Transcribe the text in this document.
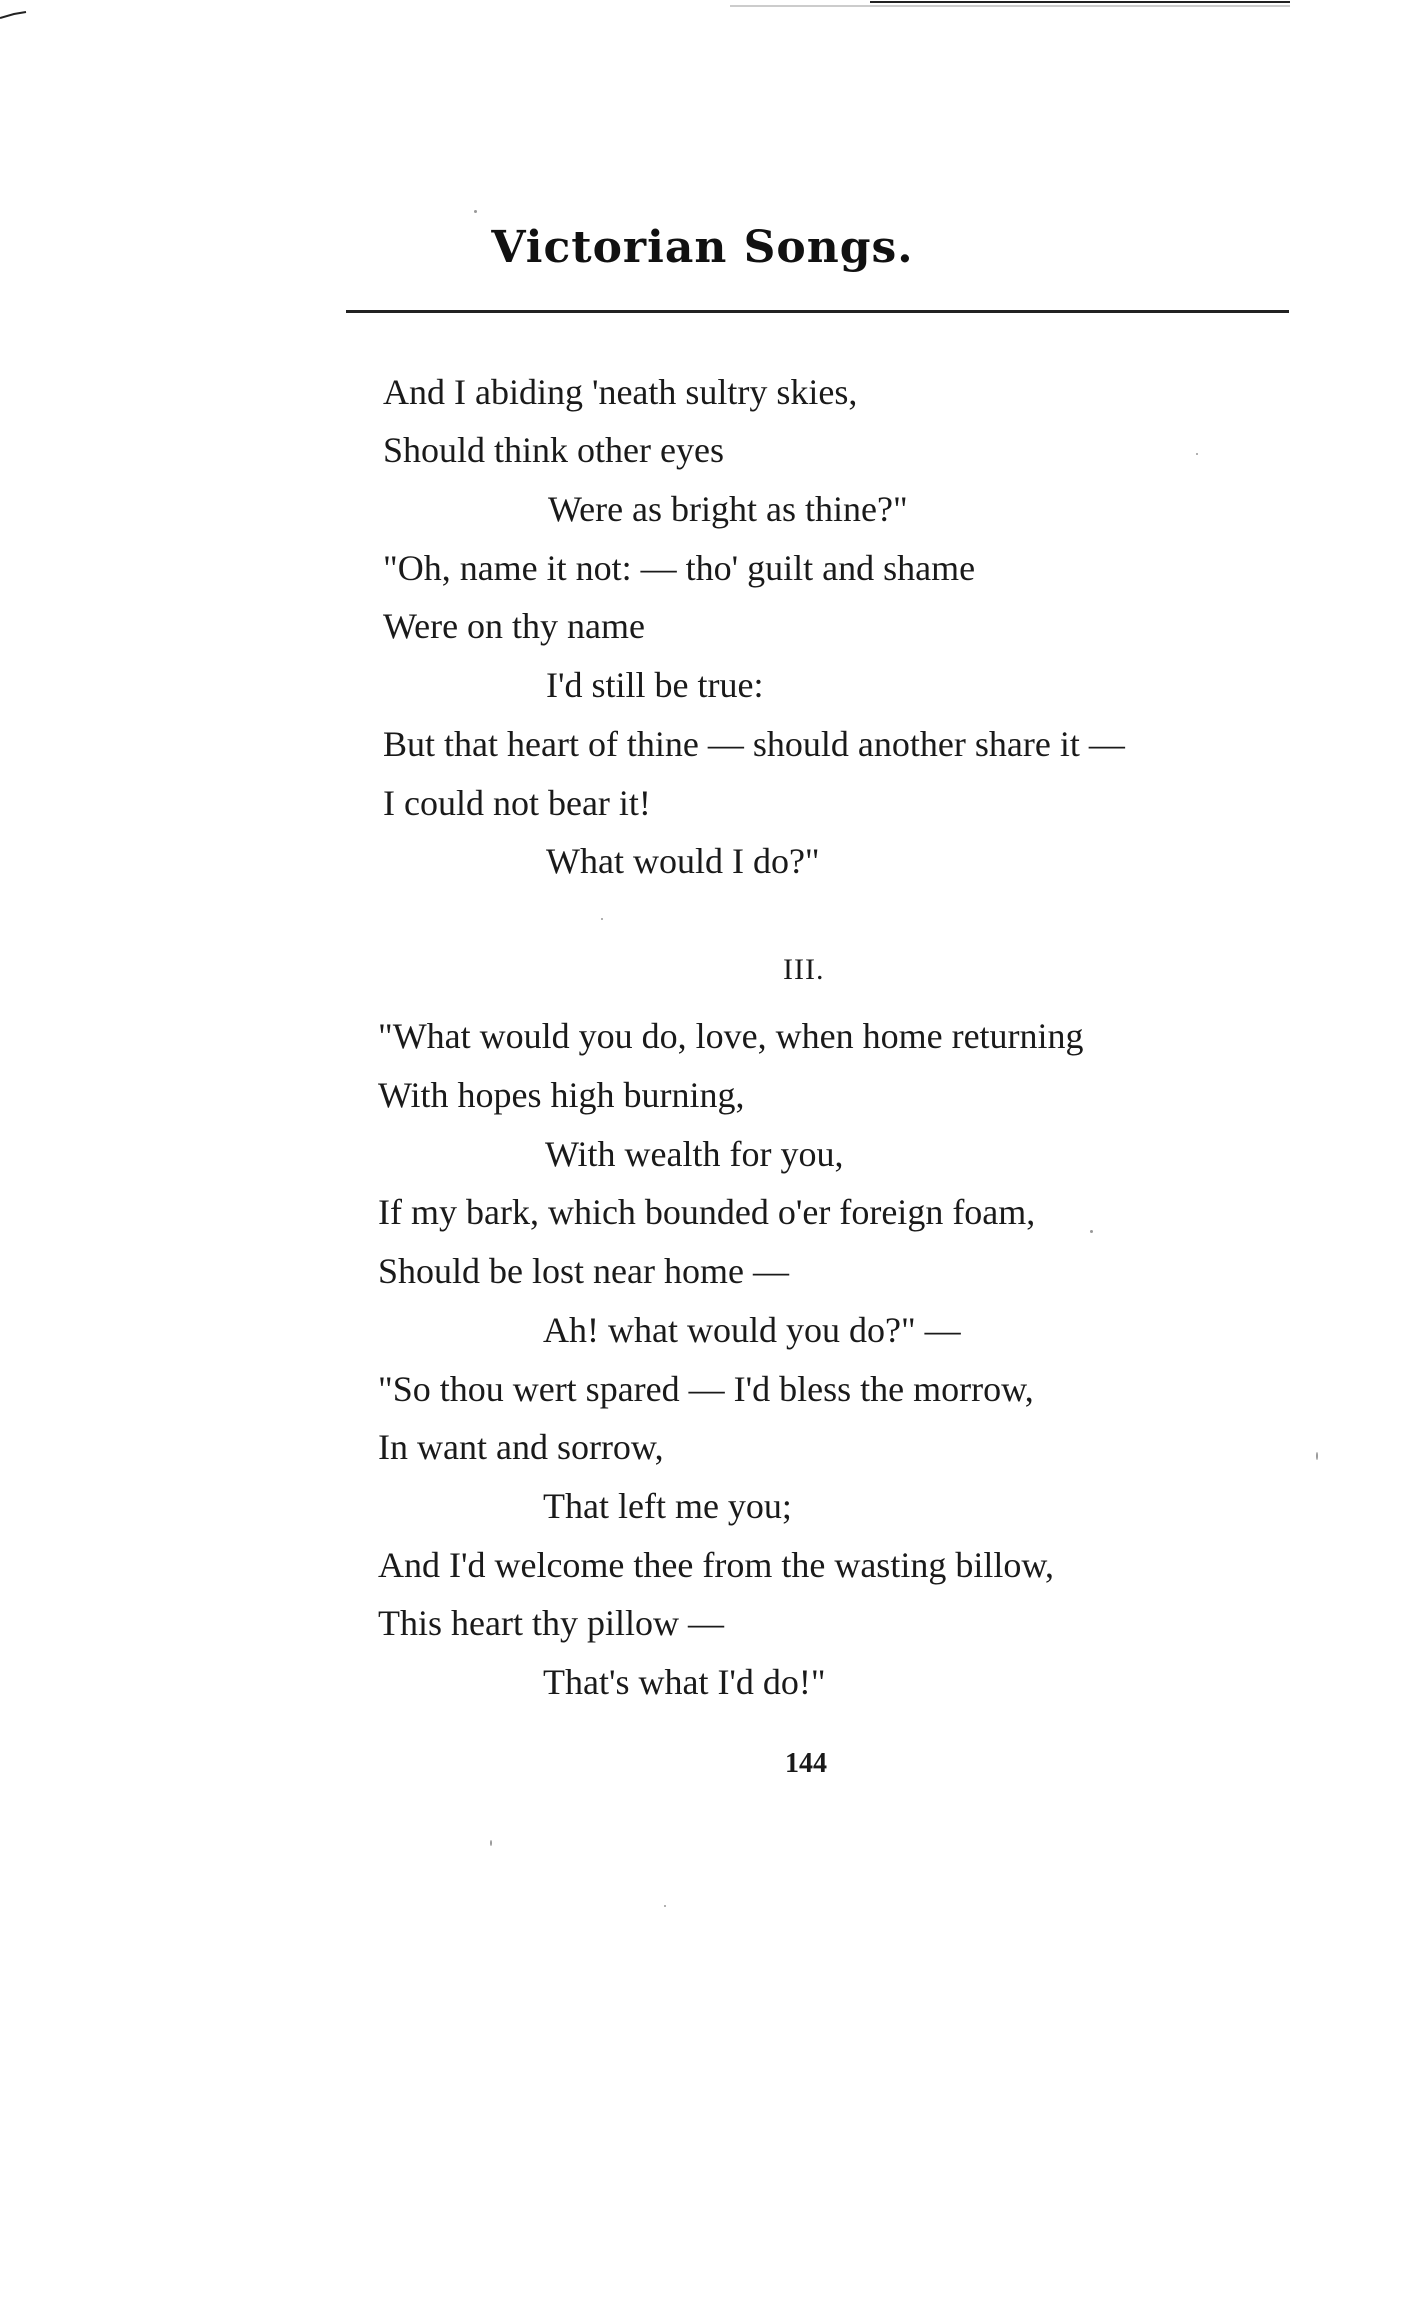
Victorian Songs.
And I abiding 'neath sultry skies,
Should think other eyes
Were as bright as thine?"
"Oh, name it not: — tho' guilt and shame
Were on thy name
I'd still be true:
But that heart of thine — should another share it —
I could not bear it!
What would I do?"
III.
"What would you do, love, when home returning
With hopes high burning,
With wealth for you,
If my bark, which bounded o'er foreign foam,
Should be lost near home —
Ah! what would you do?" —
"So thou wert spared — I'd bless the morrow,
In want and sorrow,
That left me you;
And I'd welcome thee from the wasting billow,
This heart thy pillow —
That's what I'd do!"
144
